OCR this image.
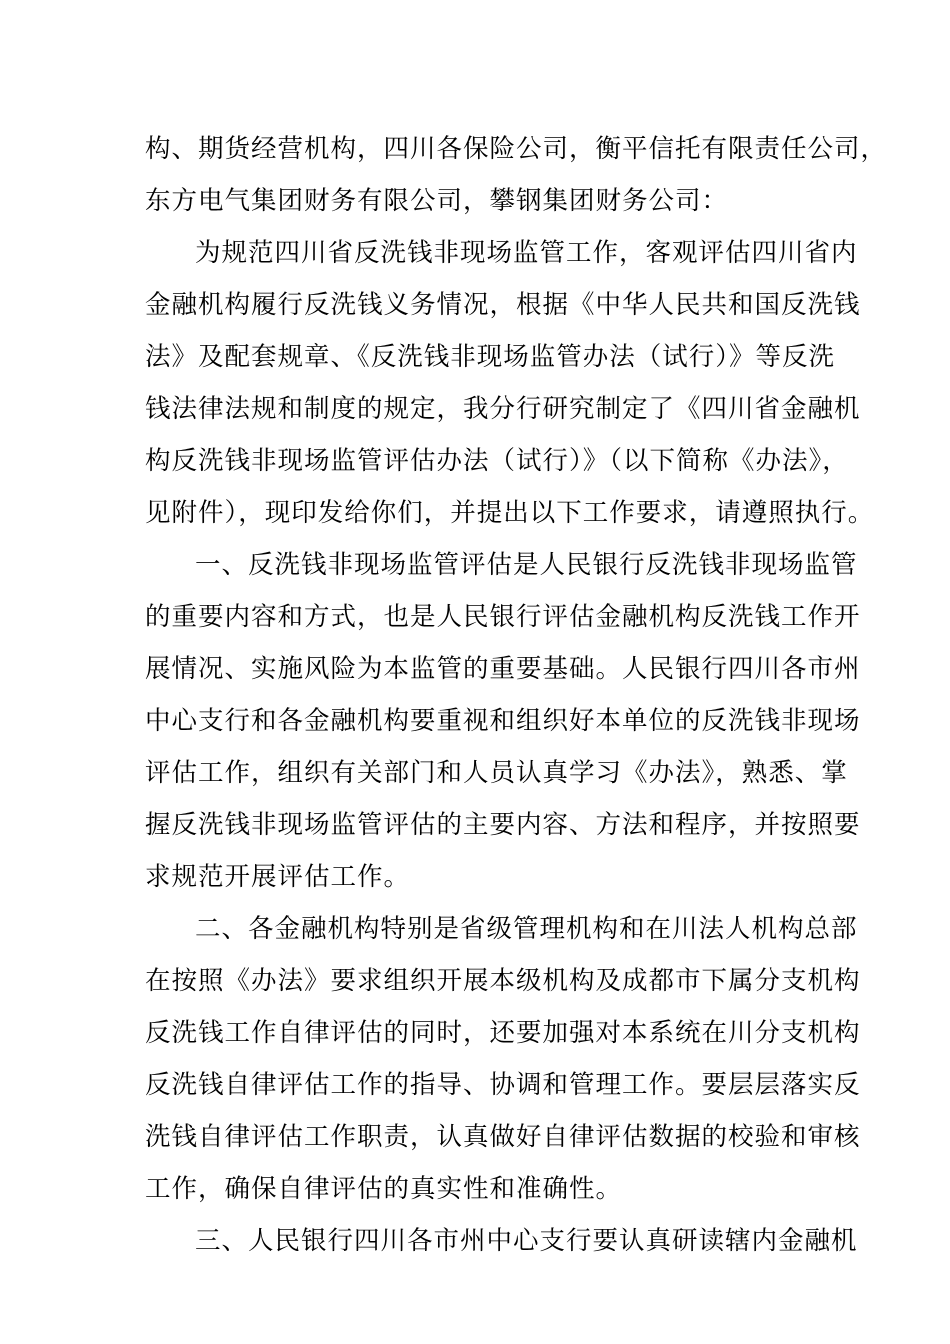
构、期货经营机构，四川各保险公司，衡平信托有限责任公司，
东方电气集团财务有限公司，攀钢集团财务公司：
为规范四川省反洗钱非现场监管工作，客观评估四川省内
金融机构履行反洗钱义务情况，根据《中华人民共和国反洗钱
法》及配套规章、《反洗钱非现场监管办法（试行）》等反洗
钱法律法规和制度的规定，我分行研究制定了《四川省金融机
构反洗钱非现场监管评估办法（试行）》（以下简称《办法》，
见附件），现印发给你们，并提出以下工作要求，请遵照执行。
一、反洗钱非现场监管评估是人民银行反洗钱非现场监管
的重要内容和方式，也是人民银行评估金融机构反洗钱工作开
展情况、实施风险为本监管的重要基础。人民银行四川各市州
中心支行和各金融机构要重视和组织好本单位的反洗钱非现场
评估工作，组织有关部门和人员认真学习《办法》，熟悉、掌
握反洗钱非现场监管评估的主要内容、方法和程序，并按照要
求规范开展评估工作。
二、各金融机构特别是省级管理机构和在川法人机构总部
在按照《办法》要求组织开展本级机构及成都市下属分支机构
反洗钱工作自律评估的同时，还要加强对本系统在川分支机构
反洗钱自律评估工作的指导、协调和管理工作。要层层落实反
洗钱自律评估工作职责，认真做好自律评估数据的校验和审核
工作，确保自律评估的真实性和准确性。
三、人民银行四川各市州中心支行要认真研读辖内金融机
